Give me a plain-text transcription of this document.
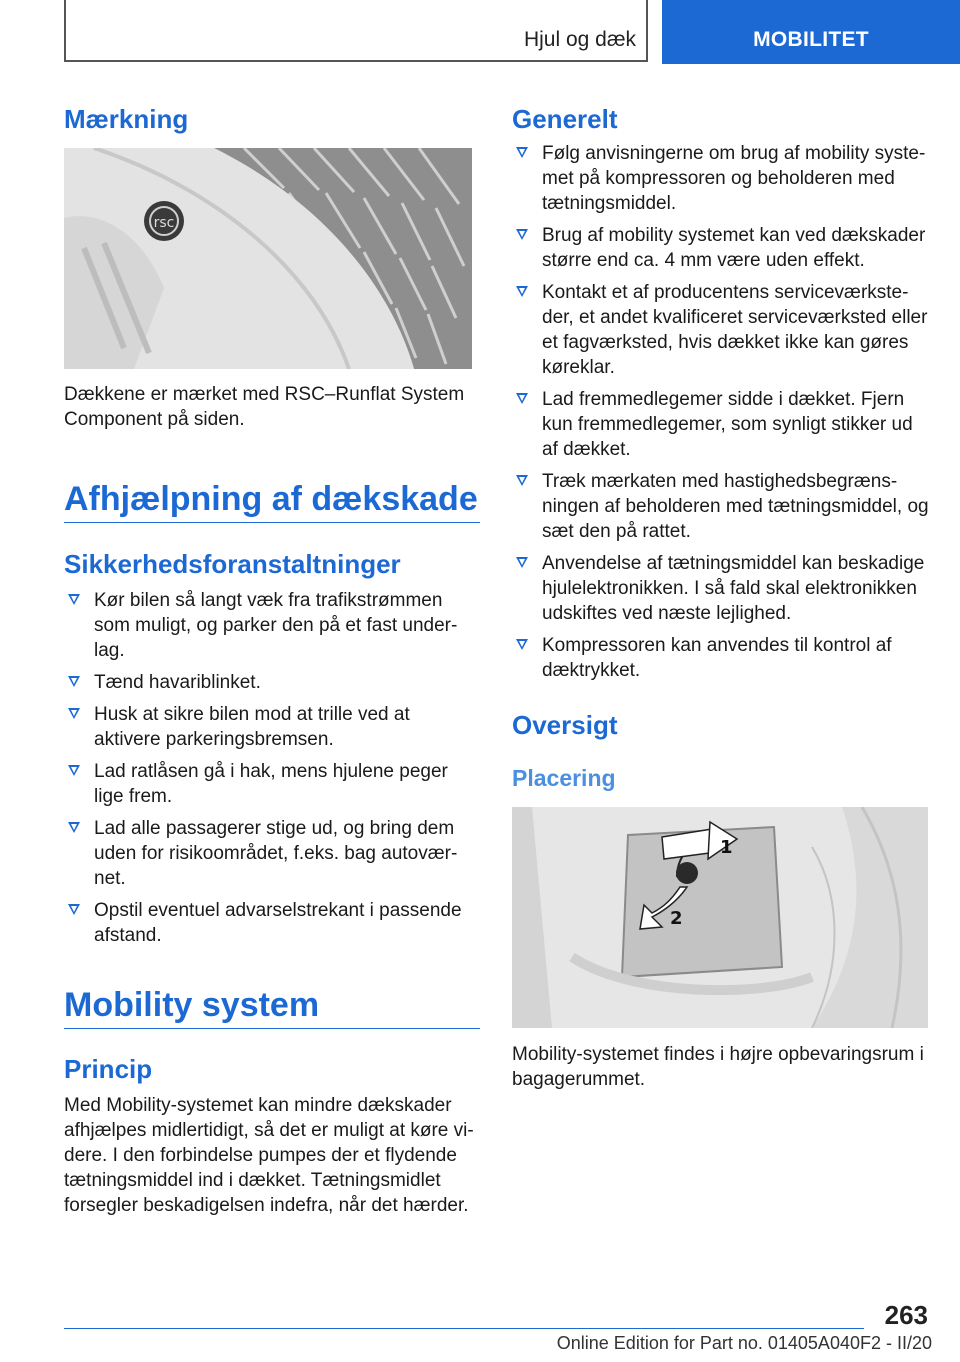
Hjul og dæk	MOBILITET
Mærkning
rsc

Dækkene er mærket med RSC–Runflat System Component på siden.

Afhjælpning af dækskade
Sikkerhedsforanstaltninger
Kør bilen så langt væk fra trafikstrømmen som muligt, og parker den på et fast underlag.
Tænd havariblinket.
Husk at sikre bilen mod at trille ved at aktivere parkeringsbremsen.
Lad ratlåsen gå i hak, mens hjulene peger lige frem.
Lad alle passagerer stige ud, og bring dem uden for risikoområdet, f.eks. bag autoværnet.
Opstil eventuel advarselstrekant i passende afstand.
Mobility system
Princip

Med Mobility-systemet kan mindre dækskader afhjælpes midlertidigt, så det er muligt at køre videre. I den forbindelse pumpes der et flydende tætningsmiddel ind i dækket. Tætningsmidlet forsegler beskadigelsen indefra, når det hærder.

Generelt
Følg anvisningerne om brug af mobility systemet på kompressoren og beholderen med tætningsmiddel.
Brug af mobility systemet kan ved dækskader større end ca. 4 mm være uden effekt.
Kontakt et af producentens serviceværksteder, et andet kvalificeret serviceværksted eller et fagværksted, hvis dækket ikke kan gøres køreklar.
Lad fremmedlegemer sidde i dækket. Fjern kun fremmedlegemer, som synligt stikker ud af dækket.
Træk mærkaten med hastighedsbegrænsningen af beholderen med tætningsmiddel, og sæt den på rattet.
Anvendelse af tætningsmiddel kan beskadige hjulelektronikken. I så fald skal elektronikken udskiftes ved næste lejlighed.
Kompressoren kan anvendes til kontrol af dæktrykket.
Oversigt
Placering
1
2

Mobility-systemet findes i højre opbevaringsrum i bagagerummet.

263
Online Edition for Part no. 01405A040F2 - II/20
